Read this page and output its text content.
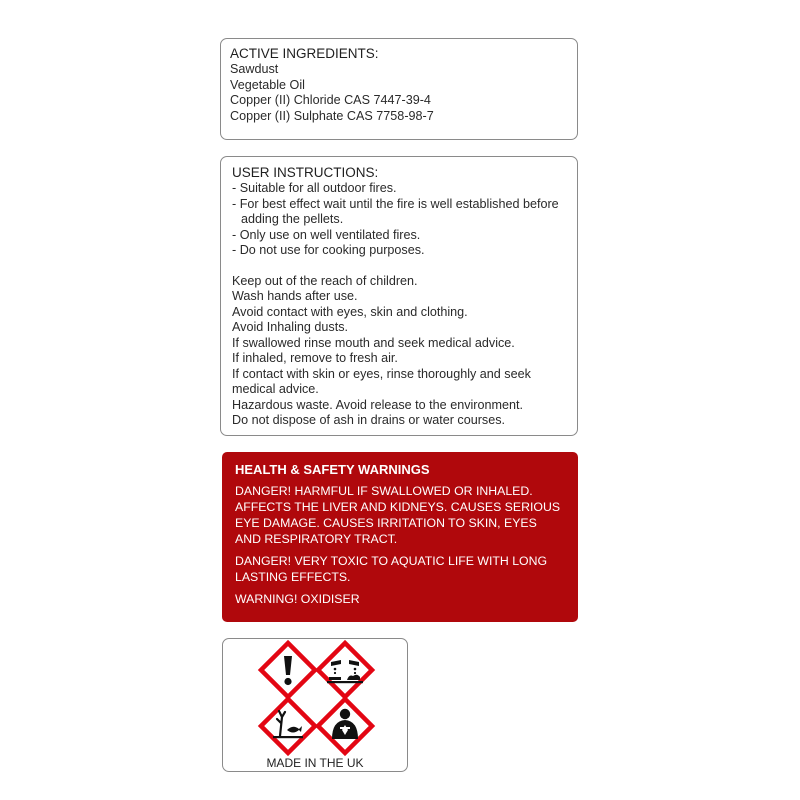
ACTIVE INGREDIENTS:
Sawdust
Vegetable Oil
Copper (II) Chloride CAS 7447-39-4
Copper (II) Sulphate CAS 7758-98-7
USER INSTRUCTIONS:
- Suitable for all outdoor fires.
- For best effect wait until the fire is well established before
adding the pellets.
- Only use on well ventilated fires.
- Do not use for cooking purposes.
Keep out of the reach of children.
Wash hands after use.
Avoid contact with eyes, skin and clothing.
Avoid Inhaling dusts.
If swallowed rinse mouth and seek medical advice.
If inhaled, remove to fresh air.
If contact with skin or eyes, rinse thoroughly and seek
medical advice.
Hazardous waste. Avoid release to the environment.
Do not dispose of ash in drains or water courses.
HEALTH & SAFETY WARNINGS
DANGER! HARMFUL IF SWALLOWED OR INHALED. AFFECTS THE LIVER AND KIDNEYS. CAUSES SERIOUS EYE DAMAGE. CAUSES IRRITATION TO SKIN, EYES AND RESPIRATORY TRACT.
DANGER! VERY TOXIC TO AQUATIC LIFE WITH LONG LASTING EFFECTS.
WARNING! OXIDISER
MADE IN THE UK
